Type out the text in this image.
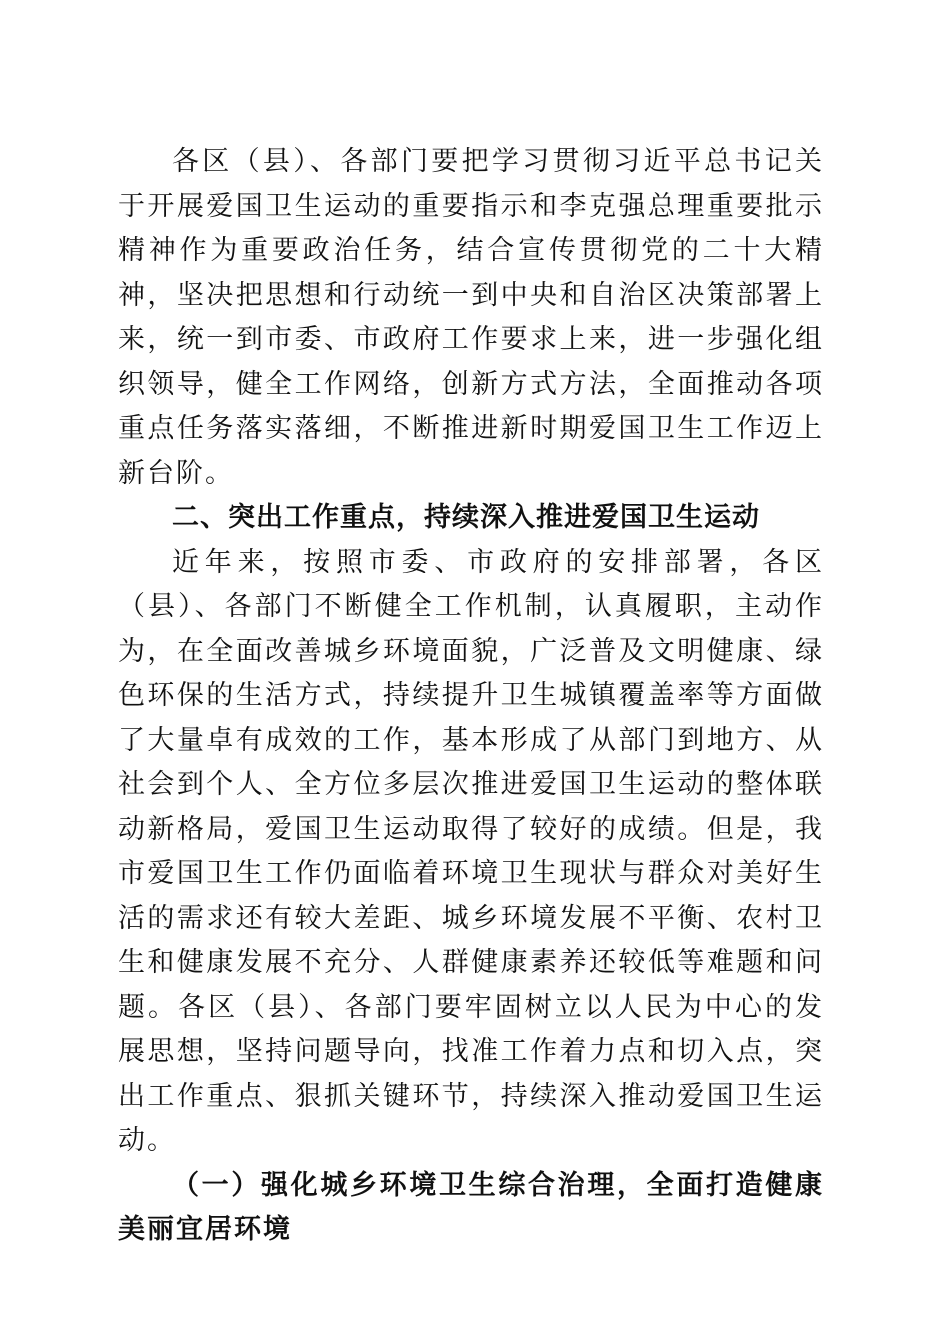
各区（县）、各部门要把学习贯彻习近平总书记关于开展爱国卫生运动的重要指示和李克强总理重要批示精神作为重要政治任务，结合宣传贯彻党的二十大精神，坚决把思想和行动统一到中央和自治区决策部署上来，统一到市委、市政府工作要求上来，进一步强化组织领导，健全工作网络，创新方式方法，全面推动各项重点任务落实落细，不断推进新时期爱国卫生工作迈上新台阶。

二、突出工作重点，持续深入推进爱国卫生运动

近年来，按照市委、市政府的安排部署，各区（县）、各部门不断健全工作机制，认真履职，主动作为，在全面改善城乡环境面貌，广泛普及文明健康、绿色环保的生活方式，持续提升卫生城镇覆盖率等方面做了大量卓有成效的工作，基本形成了从部门到地方、从社会到个人、全方位多层次推进爱国卫生运动的整体联动新格局，爱国卫生运动取得了较好的成绩。但是，我市爱国卫生工作仍面临着环境卫生现状与群众对美好生活的需求还有较大差距、城乡环境发展不平衡、农村卫生和健康发展不充分、人群健康素养还较低等难题和问题。各区（县）、各部门要牢固树立以人民为中心的发展思想，坚持问题导向，找准工作着力点和切入点，突出工作重点、狠抓关键环节，持续深入推动爱国卫生运动。

（一）强化城乡环境卫生综合治理，全面打造健康美丽宜居环境
